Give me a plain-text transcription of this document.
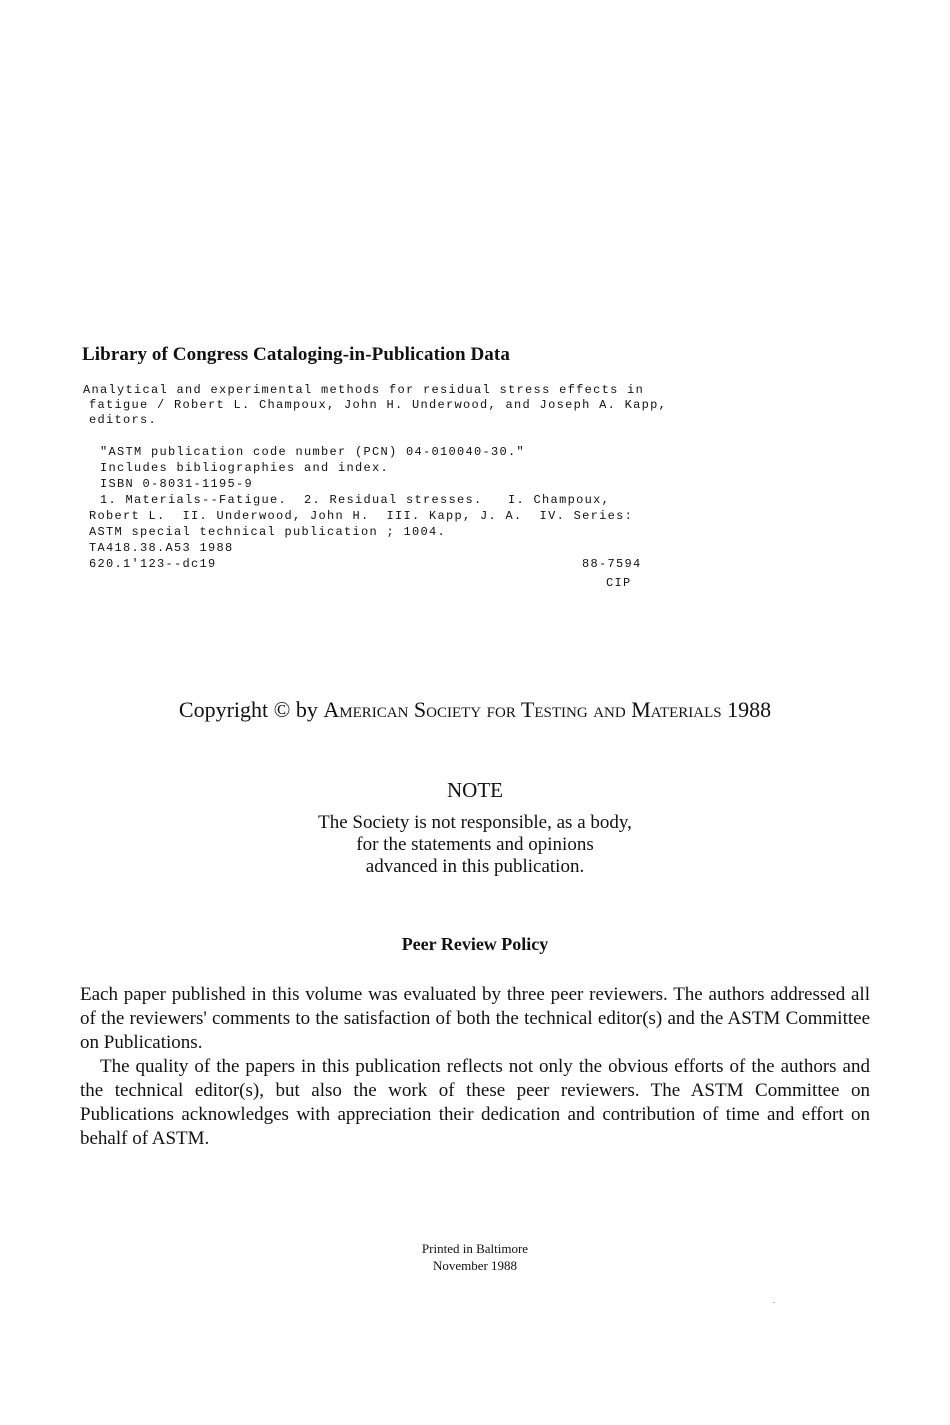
Library of Congress Cataloging-in-Publication Data
Analytical and experimental methods for residual stress effects in
fatigue / Robert L. Champoux, John H. Underwood, and Joseph A. Kapp,
editors.
"ASTM publication code number (PCN) 04-010040-30."
Includes bibliographies and index.
ISBN 0-8031-1195-9
1. Materials--Fatigue.  2. Residual stresses.   I. Champoux,
Robert L.  II. Underwood, John H.  III. Kapp, J. A.  IV. Series:
ASTM special technical publication ; 1004.
TA418.38.A53 1988
620.1'123--dc19	88-7594
CIP
Copyright © by American Society for Testing and Materials 1988
NOTE
The Society is not responsible, as a body,
for the statements and opinions
advanced in this publication.
Peer Review Policy

Each paper published in this volume was evaluated by three peer reviewers. The authors addressed all of the reviewers' comments to the satisfaction of both the technical editor(s) and the ASTM Committee on Publications.

The quality of the papers in this publication reflects not only the obvious efforts of the authors and the technical editor(s), but also the work of these peer reviewers. The ASTM Committee on Publications acknowledges with appreciation their dedication and contribution of time and effort on behalf of ASTM.

Printed in Baltimore
November 1988
